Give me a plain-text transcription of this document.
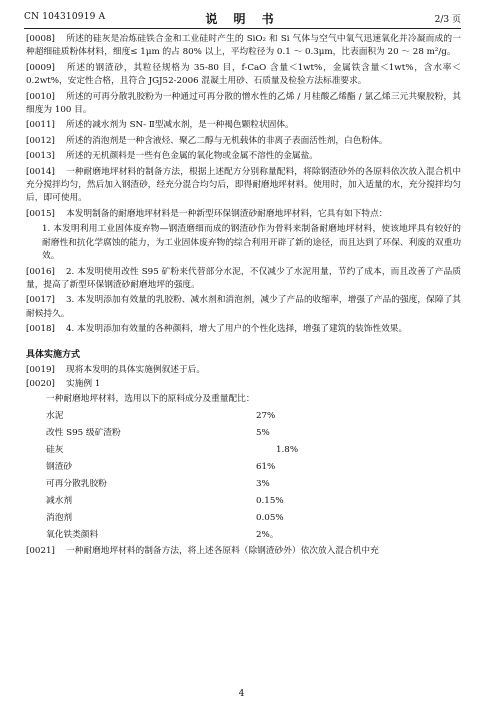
CN 104310919 A	说 明 书	2/3 页

[0008] 所述的硅灰是冶炼硅铁合金和工业硅时产生的 SiO₂ 和 Si 气体与空气中氧气迅速氧化并冷凝而成的一种超细硅质粉体材料，细度≤ 1μm 的占 80% 以上，平均粒径为 0.1 ～ 0.3μm，比表面积为 20 ～ 28 m²/g。

[0009] 所述的钢渣砂，其粒径规格为 35-80 目，f-CaO 含量＜1wt%，金属铁含量＜1wt%，含水率＜0.2wt%，安定性合格，且符合 JGJ52-2006 混凝土用砂、石质量及检验方法标准要求。

[0010] 所述的可再分散乳胶粉为一种通过可再分散的憎水性的乙烯 / 月桂酸乙烯酯 / 氯乙烯三元共聚胶粉，其细度为 100 目。

[0011] 所述的减水剂为 SN- Ⅱ型减水剂，是一种褐色颗粒状固体。

[0012] 所述的消泡剂是一种含液烃、聚乙二醇与无机载体的非离子表面活性剂，白色粉体。

[0013] 所述的无机颜料是一些有色金属的氧化物或金属不溶性的金属盐。

[0014] 一种耐磨地坪材料的制备方法，根据上述配方分别称量配料，将除钢渣砂外的各原料依次放入混合机中充分搅拌均匀，然后加入钢渣砂，经充分混合均匀后，即得耐磨地坪材料。使用时，加入适量的水，充分搅拌均匀后，即可使用。

[0015] 本发明制备的耐磨地坪材料是一种新型环保钢渣砂耐磨地坪材料，它具有如下特点：

1. 本发明利用工业固体废弃物—钢渣磨细而成的钢渣砂作为骨料来制备耐磨地坪材料，使该地坪具有较好的耐磨性和抗化学腐蚀的能力，为工业固体废弃物的综合利用开辟了新的途径，而且达到了环保、利废的双重功效。

[0016] 2. 本发明使用改性 S95 矿粉来代替部分水泥，不仅减少了水泥用量，节约了成本，而且改善了产品质量，提高了新型环保钢渣砂耐磨地坪的强度。

[0017] 3. 本发明添加有效量的乳胶粉、减水剂和消泡剂，减少了产品的收缩率，增强了产品的强度，保障了其耐候持久。

[0018] 4. 本发明添加有效量的各种颜料，增大了用户的个性化选择，增强了建筑的装饰性效果。

具体实施方式

[0019] 现将本发明的具体实施例叙述于后。

[0020] 实施例 1

一种耐磨地坪材料，选用以下的原料成分及重量配比：

水泥	27%
改性 S95 级矿渣粉	5%
硅灰	1.8%
钢渣砂	61%
可再分散乳胶粉	3%
减水剂	0.15%
消泡剂	0.05%
氧化铁类颜料	2%。

[0021] 一种耐磨地坪材料的制备方法，将上述各原料（除钢渣砂外）依次放入混合机中充

4
